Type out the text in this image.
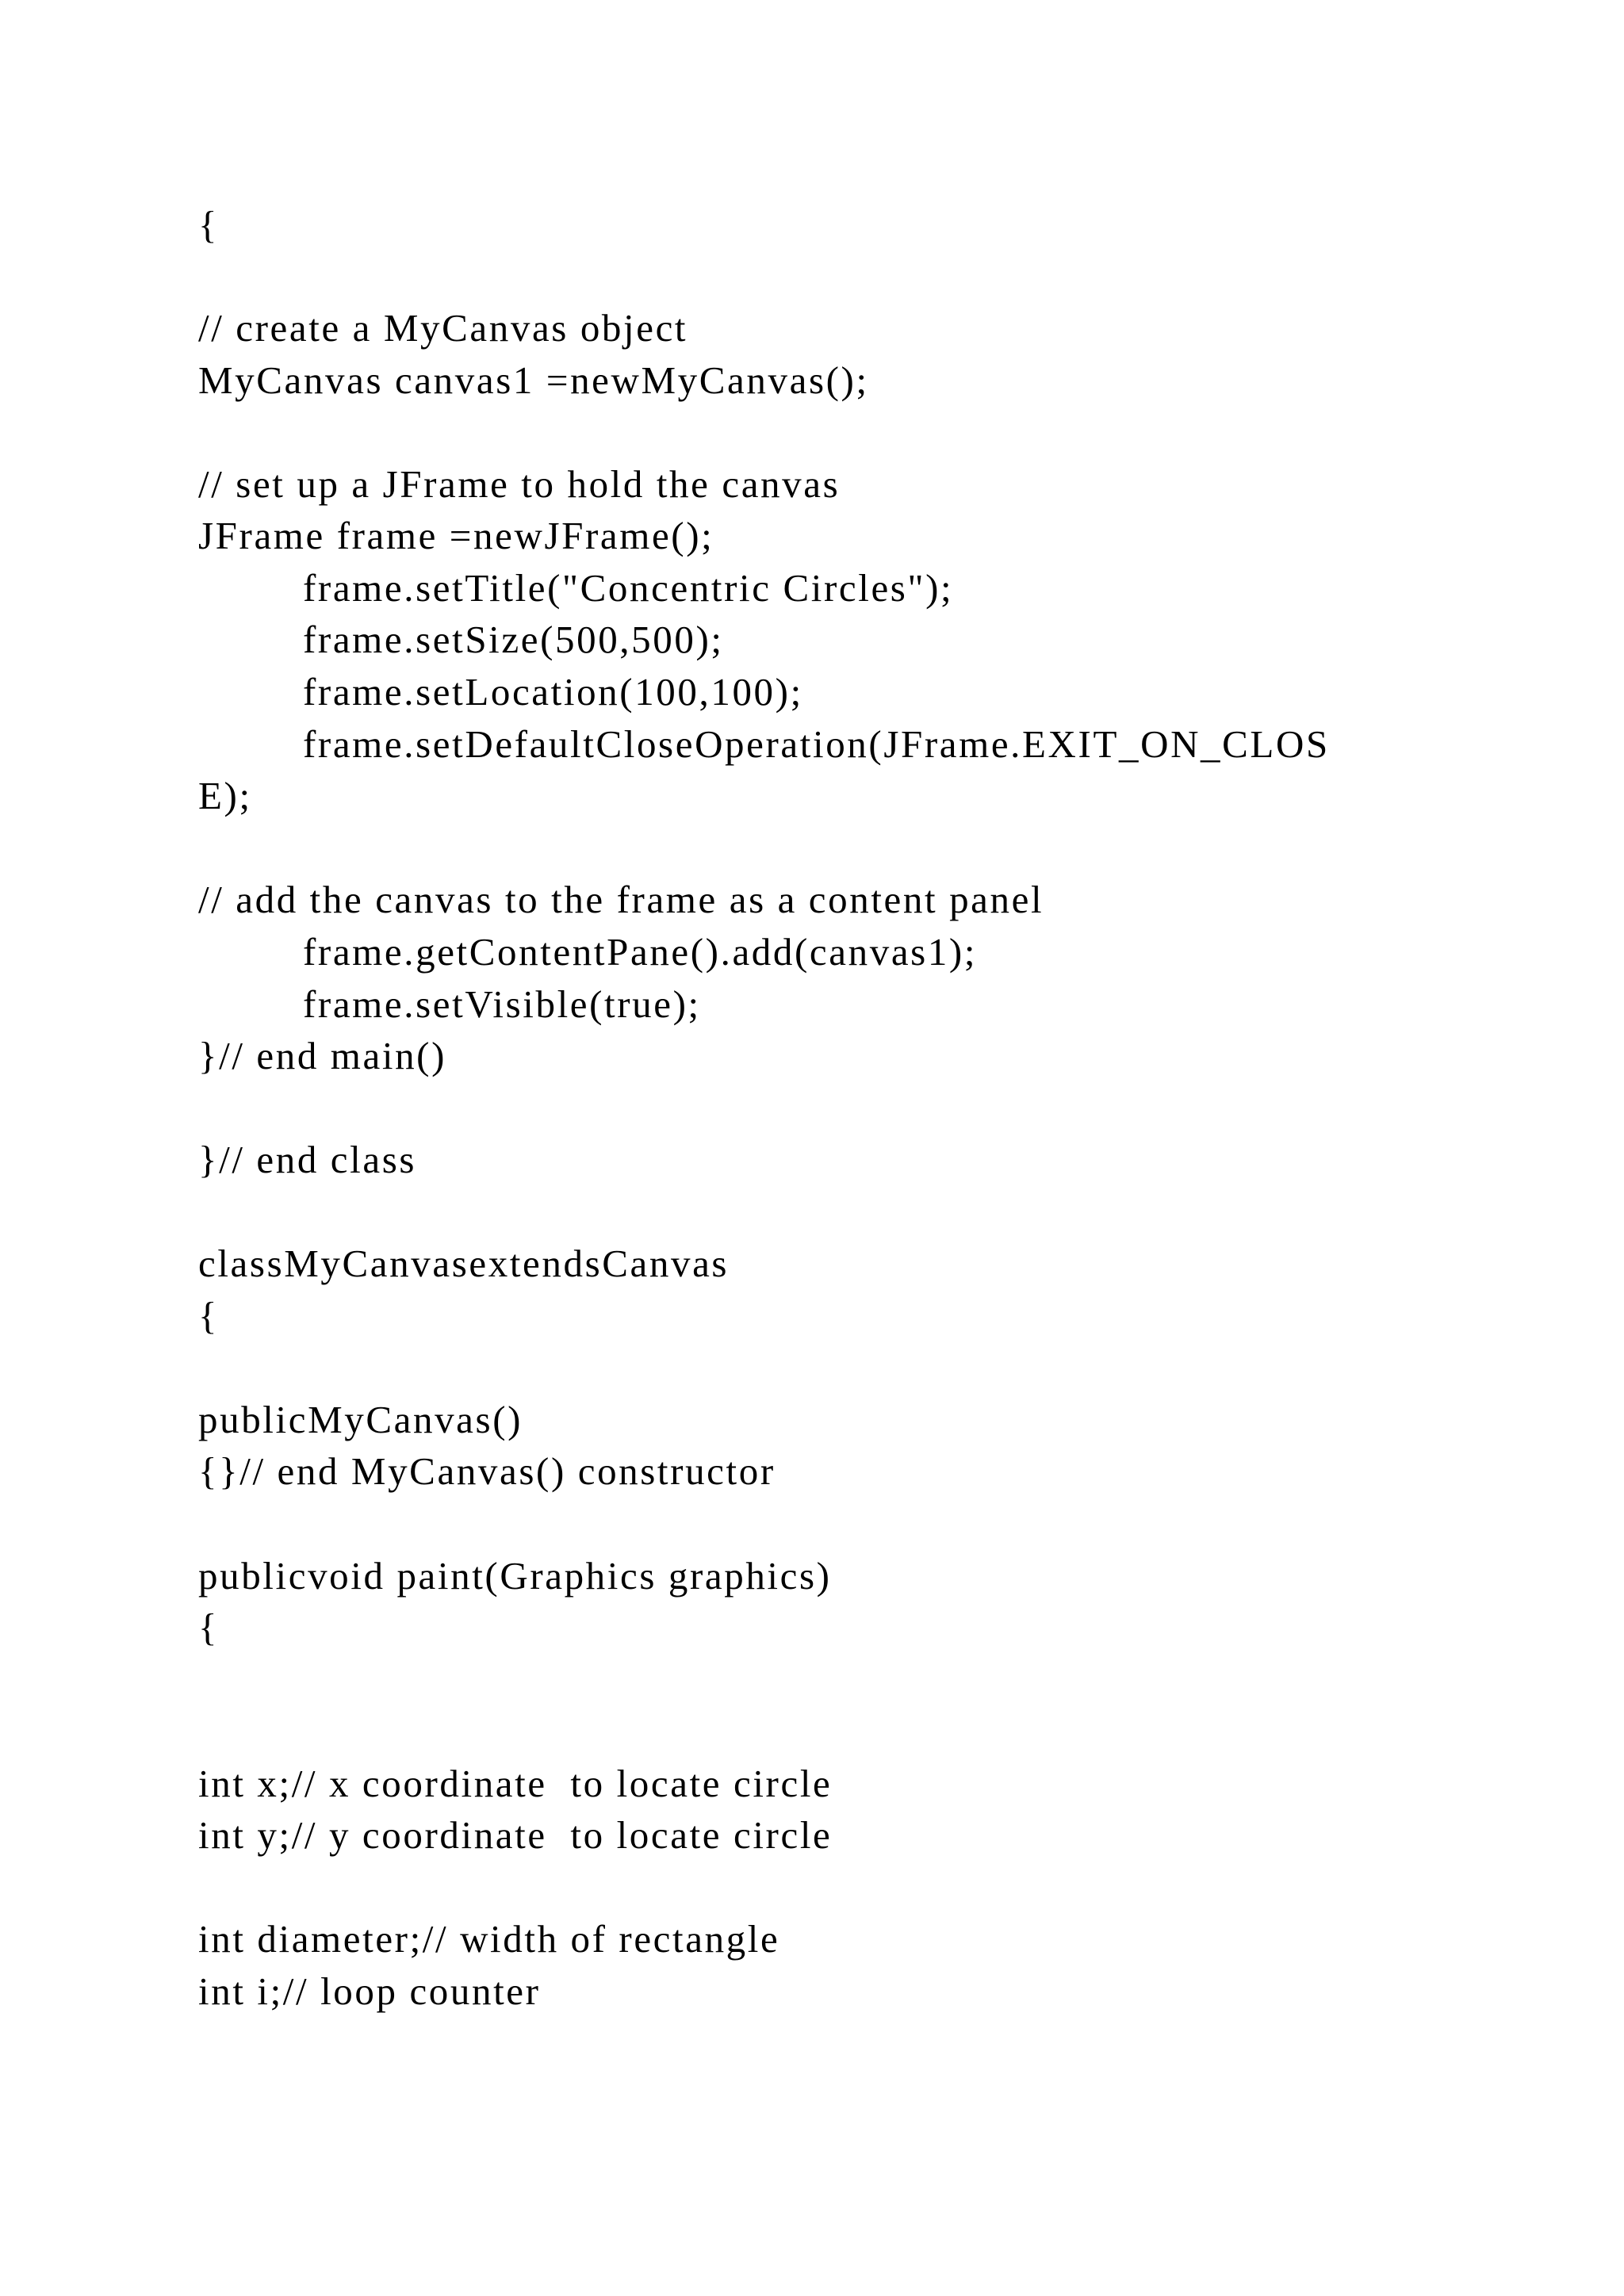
{
// create a MyCanvas object
MyCanvas canvas1 =newMyCanvas();
// set up a JFrame to hold the canvas
JFrame frame =newJFrame();
frame.setTitle("Concentric Circles");
frame.setSize(500,500);
frame.setLocation(100,100);
frame.setDefaultCloseOperation(JFrame.EXIT_ON_CLOS
E);
// add the canvas to the frame as a content panel
frame.getContentPane().add(canvas1);
frame.setVisible(true);
}// end main()
}// end class
classMyCanvasextendsCanvas
{
publicMyCanvas()
{}// end MyCanvas() constructor
publicvoid paint(Graphics graphics)
{
int x;// x coordinate  to locate circle
int y;// y coordinate  to locate circle
int diameter;// width of rectangle
int i;// loop counter
